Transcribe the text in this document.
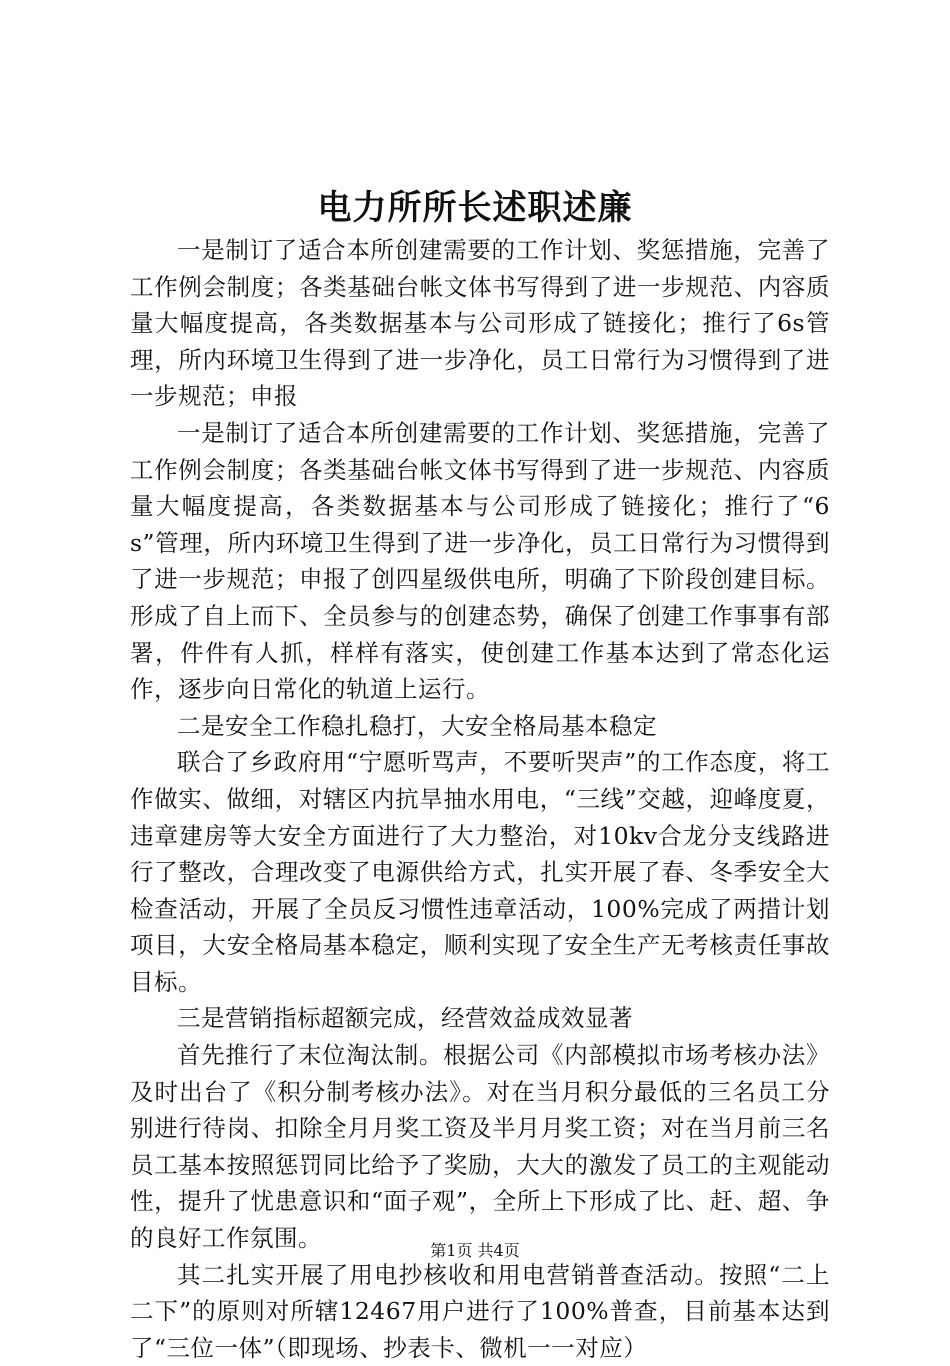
电力所所长述职述廉

一是制订了适合本所创建需要的工作计划、奖惩措施，完善了工作例会制度；各类基础台帐文体书写得到了进一步规范、内容质量大幅度提高，各类数据基本与公司形成了链接化；推行了6s管理，所内环境卫生得到了进一步净化，员工日常行为习惯得到了进一步规范；申报

一是制订了适合本所创建需要的工作计划、奖惩措施，完善了工作例会制度；各类基础台帐文体书写得到了进一步规范、内容质量大幅度提高，各类数据基本与公司形成了链接化；推行了“6s”管理，所内环境卫生得到了进一步净化，员工日常行为习惯得到了进一步规范；申报了创四星级供电所，明确了下阶段创建目标。形成了自上而下、全员参与的创建态势，确保了创建工作事事有部署，件件有人抓，样样有落实，使创建工作基本达到了常态化运作，逐步向日常化的轨道上运行。

二是安全工作稳扎稳打，大安全格局基本稳定

联合了乡政府用“宁愿听骂声，不要听哭声”的工作态度，将工作做实、做细，对辖区内抗旱抽水用电，“三线”交越，迎峰度夏，违章建房等大安全方面进行了大力整治，对10kv合龙分支线路进行了整改，合理改变了电源供给方式，扎实开展了春、冬季安全大检查活动，开展了全员反习惯性违章活动，100%完成了两措计划项目，大安全格局基本稳定，顺利实现了安全生产无考核责任事故目标。

三是营销指标超额完成，经营效益成效显著

首先推行了末位淘汰制。根据公司《内部模拟市场考核办法》及时出台了《积分制考核办法》。对在当月积分最低的三名员工分别进行待岗、扣除全月月奖工资及半月月奖工资；对在当月前三名员工基本按照惩罚同比给予了奖励，大大的激发了员工的主观能动性，提升了忧患意识和“面子观”，全所上下形成了比、赶、超、争的良好工作氛围。

其二扎实开展了用电抄核收和用电营销普查活动。按照“二上二下”的原则对所辖12467用户进行了100%普查，目前基本达到了“三位一体”（即现场、抄表卡、微机一一对应）

第1页 共4页
